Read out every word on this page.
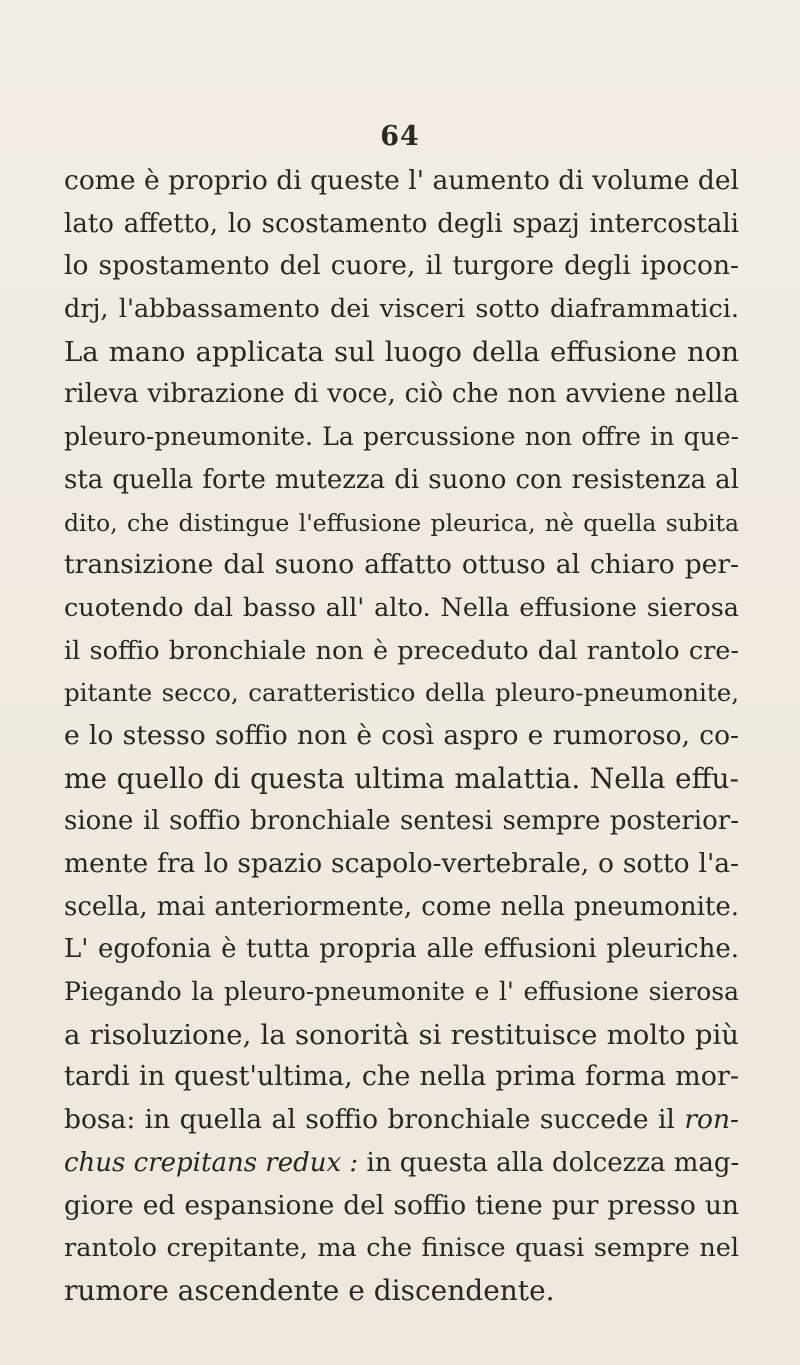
64
come è proprio di queste l' aumento di volume del
lato affetto, lo scostamento degli spazj intercostali
lo spostamento del cuore, il turgore degli ipocon-
drj, l'abbassamento dei visceri sotto diaframmatici.
La mano applicata sul luogo della effusione non
rileva vibrazione di voce, ciò che non avviene nella
pleuro-pneumonite. La percussione non offre in que-
sta quella forte mutezza di suono con resistenza al
dito, che distingue l'effusione pleurica, nè quella subita
transizione dal suono affatto ottuso al chiaro per-
cuotendo dal basso all' alto. Nella effusione sierosa
il soffio bronchiale non è preceduto dal rantolo cre-
pitante secco, caratteristico della pleuro-pneumonite,
e lo stesso soffio non è così aspro e rumoroso, co-
me quello di questa ultima malattia. Nella effu-
sione il soffio bronchiale sentesi sempre posterior-
mente fra lo spazio scapolo-vertebrale, o sotto l'a-
scella, mai anteriormente, come nella pneumonite.
L' egofonia è tutta propria alle effusioni pleuriche.
Piegando la pleuro-pneumonite e l' effusione sierosa
a risoluzione, la sonorità si restituisce molto più
tardi in quest'ultima, che nella prima forma mor-
bosa: in quella al soffio bronchiale succede il ron-
chus crepitans redux : in questa alla dolcezza mag-
giore ed espansione del soffio tiene pur presso un
rantolo crepitante, ma che finisce quasi sempre nel
rumore ascendente e discendente.
